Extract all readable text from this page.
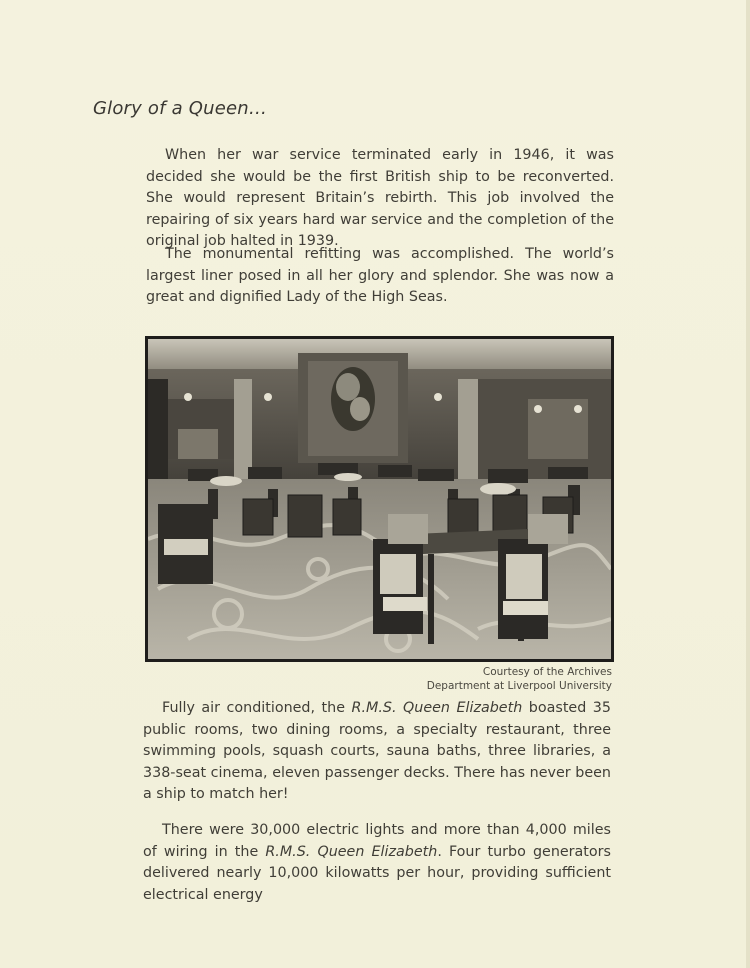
Glory of a Queen…

When her war service terminated early in 1946, it was decided she would be the first British ship to be reconverted. She would represent Britain’s rebirth. This job involved the repairing of six years hard war service and the completion of the original job halted in 1939.

The monumental refitting was accomplished. The world’s largest liner posed in all her glory and splendor. She was now a great and dignified Lady of the High Seas.

Courtesy of the Archives
Department at Liverpool University

Fully air conditioned, the R.M.S. Queen Elizabeth boasted 35 public rooms, two dining rooms, a specialty restaurant, three swimming pools, squash courts, sauna baths, three libraries, a 338-seat cinema, eleven passenger decks. There has never been a ship to match her!

There were 30,000 electric lights and more than 4,000 miles of wiring in the R.M.S. Queen Elizabeth. Four turbo generators delivered nearly 10,000 kilowatts per hour, providing sufficient electrical energy
